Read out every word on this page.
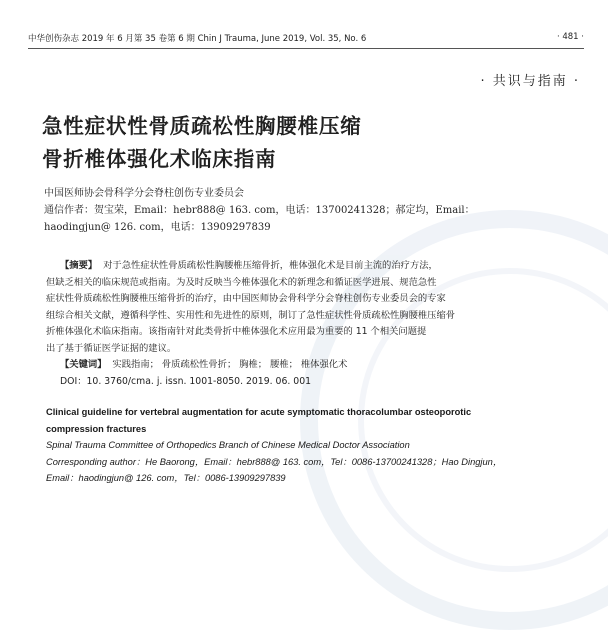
中华创伤杂志 2019 年 6 月第 35 卷第 6 期 Chin J Trauma, June 2019, Vol. 35, No. 6	· 481 ·
· 共识与指南 ·
急性症状性骨质疏松性胸腰椎压缩
骨折椎体强化术临床指南
中国医师协会骨科学分会脊柱创伤专业委员会
通信作者：贺宝荣，Email：hebr888@ 163. com，电话：13700241328；郝定均，Email：
haodingjun@ 126. com，电话：13909297839
【摘要】 对于急性症状性骨质疏松性胸腰椎压缩骨折，椎体强化术是目前主流的治疗方法，
但缺乏相关的临床规范或指南。为及时反映当今椎体强化术的新理念和循证医学进展、规范急性
症状性骨质疏松性胸腰椎压缩骨折的治疗，由中国医师协会骨科学分会脊柱创伤专业委员会的专家
组综合相关文献，遵循科学性、实用性和先进性的原则，制订了急性症状性骨质疏松性胸腰椎压缩骨
折椎体强化术临床指南。该指南针对此类骨折中椎体强化术应用最为重要的 11 个相关问题提
出了基于循证医学证据的建议。
【关键词】 实践指南； 骨质疏松性骨折； 胸椎； 腰椎； 椎体强化术
DOI：10. 3760/cma. j. issn. 1001-8050. 2019. 06. 001
Clinical guideline for vertebral augmentation for acute symptomatic thoracolumbar osteoporotic
compression fractures
Spinal Trauma Committee of Orthopedics Branch of Chinese Medical Doctor Association
Corresponding author：He Baorong，Email：hebr888@ 163. com，Tel：0086-13700241328；Hao Dingjun，
Email：haodingjun@ 126. com，Tel：0086-13909297839
